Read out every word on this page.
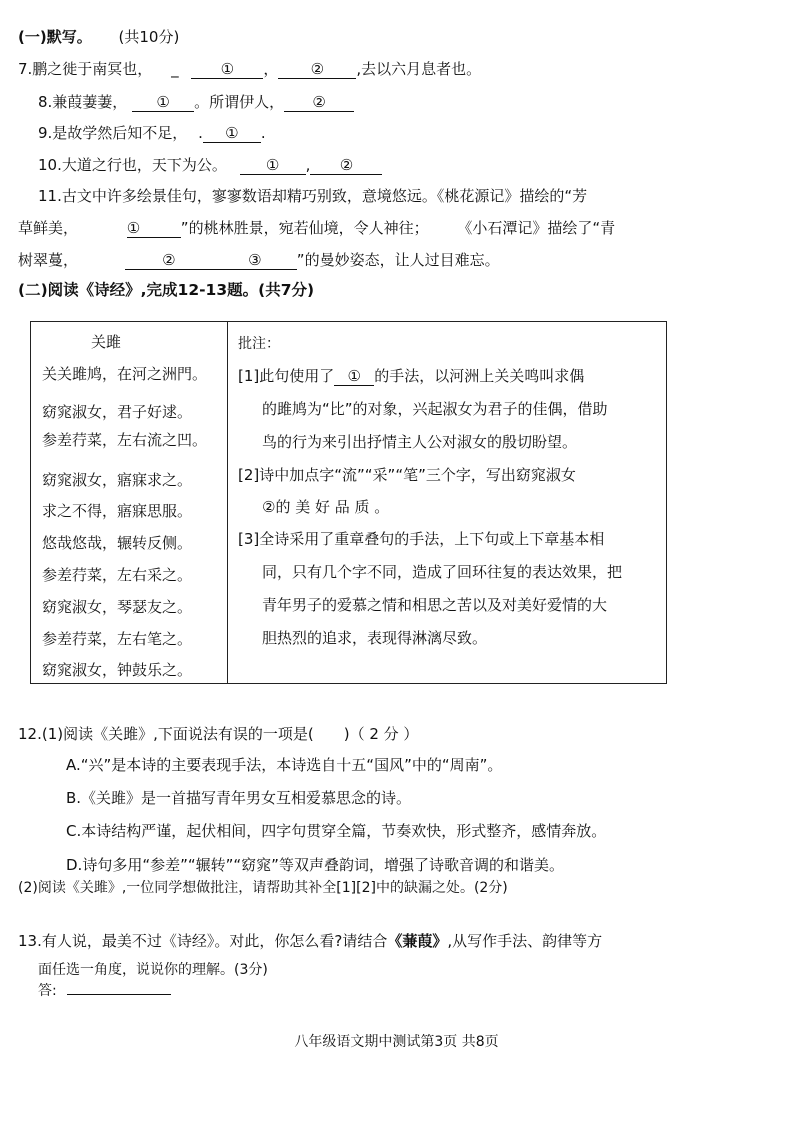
(一)默写。 (共10分)
7.鹏之徙于南冥也， _	① ， ② ,去以六月息者也。
8.兼葭萋萋， ① 。所谓伊人， ②
9.是故学然后知不足， . ① .
10.大道之行也，天下为公。	① , ②
11.古文中许多绘景佳句，寥寥数语却精巧别致，意境悠远。《桃花源记》描绘的“芳
草鲜美，	①	”的桃林胜景，宛若仙境，令人神往； 《小石潭记》描绘了“青
树翠蔓，	②	③ ”的曼妙姿态，让人过目难忘。
(二)阅读《诗经》,完成12-13题。(共7分)
关雎
关关雎鸠，在河之洲門。
窈窕淑女，君子好逑。
参差荇菜，左右流之凹。
窈窕淑女，寤寐求之。
求之不得，寤寐思服。
悠哉悠哉，辗转反侧。
参差荇菜，左右采之。
窈窕淑女，琴瑟友之。
参差荇菜，左右笔之。
窈窕淑女，钟鼓乐之。
批注：
[1]此句使用了 ① 的手法，以河洲上关关鸣叫求偶
的雎鸠为“比”的对象，兴起淑女为君子的佳偶，借助
鸟的行为来引出抒情主人公对淑女的殷切盼望。
[2]诗中加点字“流”“采”“笔”三个字，写出窈窕淑女
②的 美 好 品 质 。
[3]全诗采用了重章叠句的手法，上下句或上下章基本相
同，只有几个字不同，造成了回环往复的表达效果，把
青年男子的爱慕之情和相思之苦以及对美好爱情的大
胆热烈的追求，表现得淋漓尽致。
12.(1)阅读《关雎》,下面说法有误的一项是( )（ 2 分 ）
A.“兴”是本诗的主要表现手法，本诗选自十五“国风”中的“周南”。
B.《关雎》是一首描写青年男女互相爱慕思念的诗。
C.本诗结构严谨，起伏相间，四字句贯穿全篇，节奏欢快，形式整齐，感情奔放。
D.诗句多用“参差”“辗转”“窈窕”等双声叠韵词，增强了诗歌音调的和谐美。
(2)阅读《关雎》,一位同学想做批注，请帮助其补全[1][2]中的缺漏之处。(2分)
13.有人说，最美不过《诗经》。对此，你怎么看?请结合《蒹葭》,从写作手法、韵律等方
面任选一角度，说说你的理解。(3分)
答:
八年级语文期中测试第3页 共8页
